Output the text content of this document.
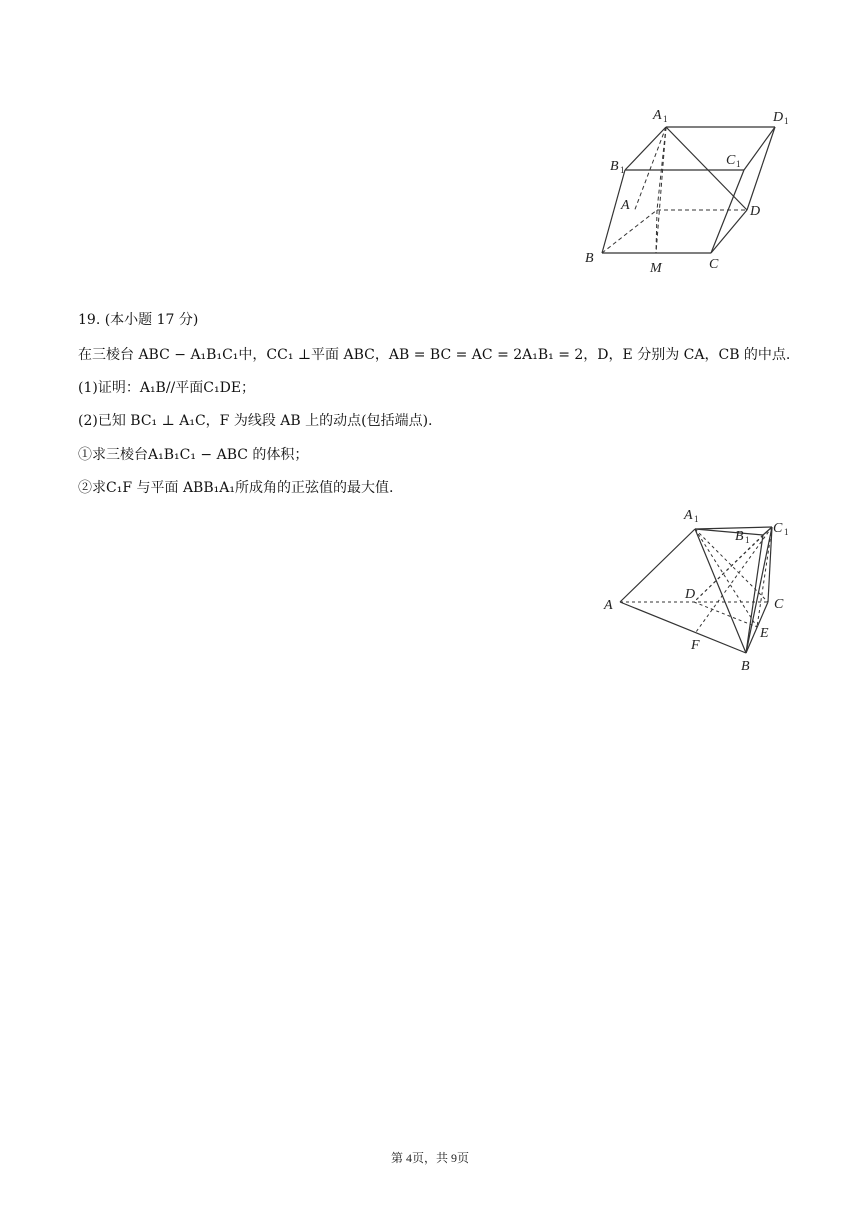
A 1	D 1
B 1
C 1
A	D
B
M	C
19. (本小题 17 分)
在三棱台 ABC − A₁B₁C₁中，CC₁ ⊥平面 ABC，AB = BC = AC = 2A₁B₁ = 2，D，E 分别为 CA，CB 的中点.
(1)证明：A₁B//平面C₁DE；
(2)已知 BC₁ ⊥ A₁C，F 为线段 AB 上的动点(包括端点).
①求三棱台A₁B₁C₁ − ABC 的体积；
②求C₁F 与平面 ABB₁A₁所成角的正弦值的最大值.
A 1
B 1
C 1
A
D
C
E
F
B
第 4页，共 9页
